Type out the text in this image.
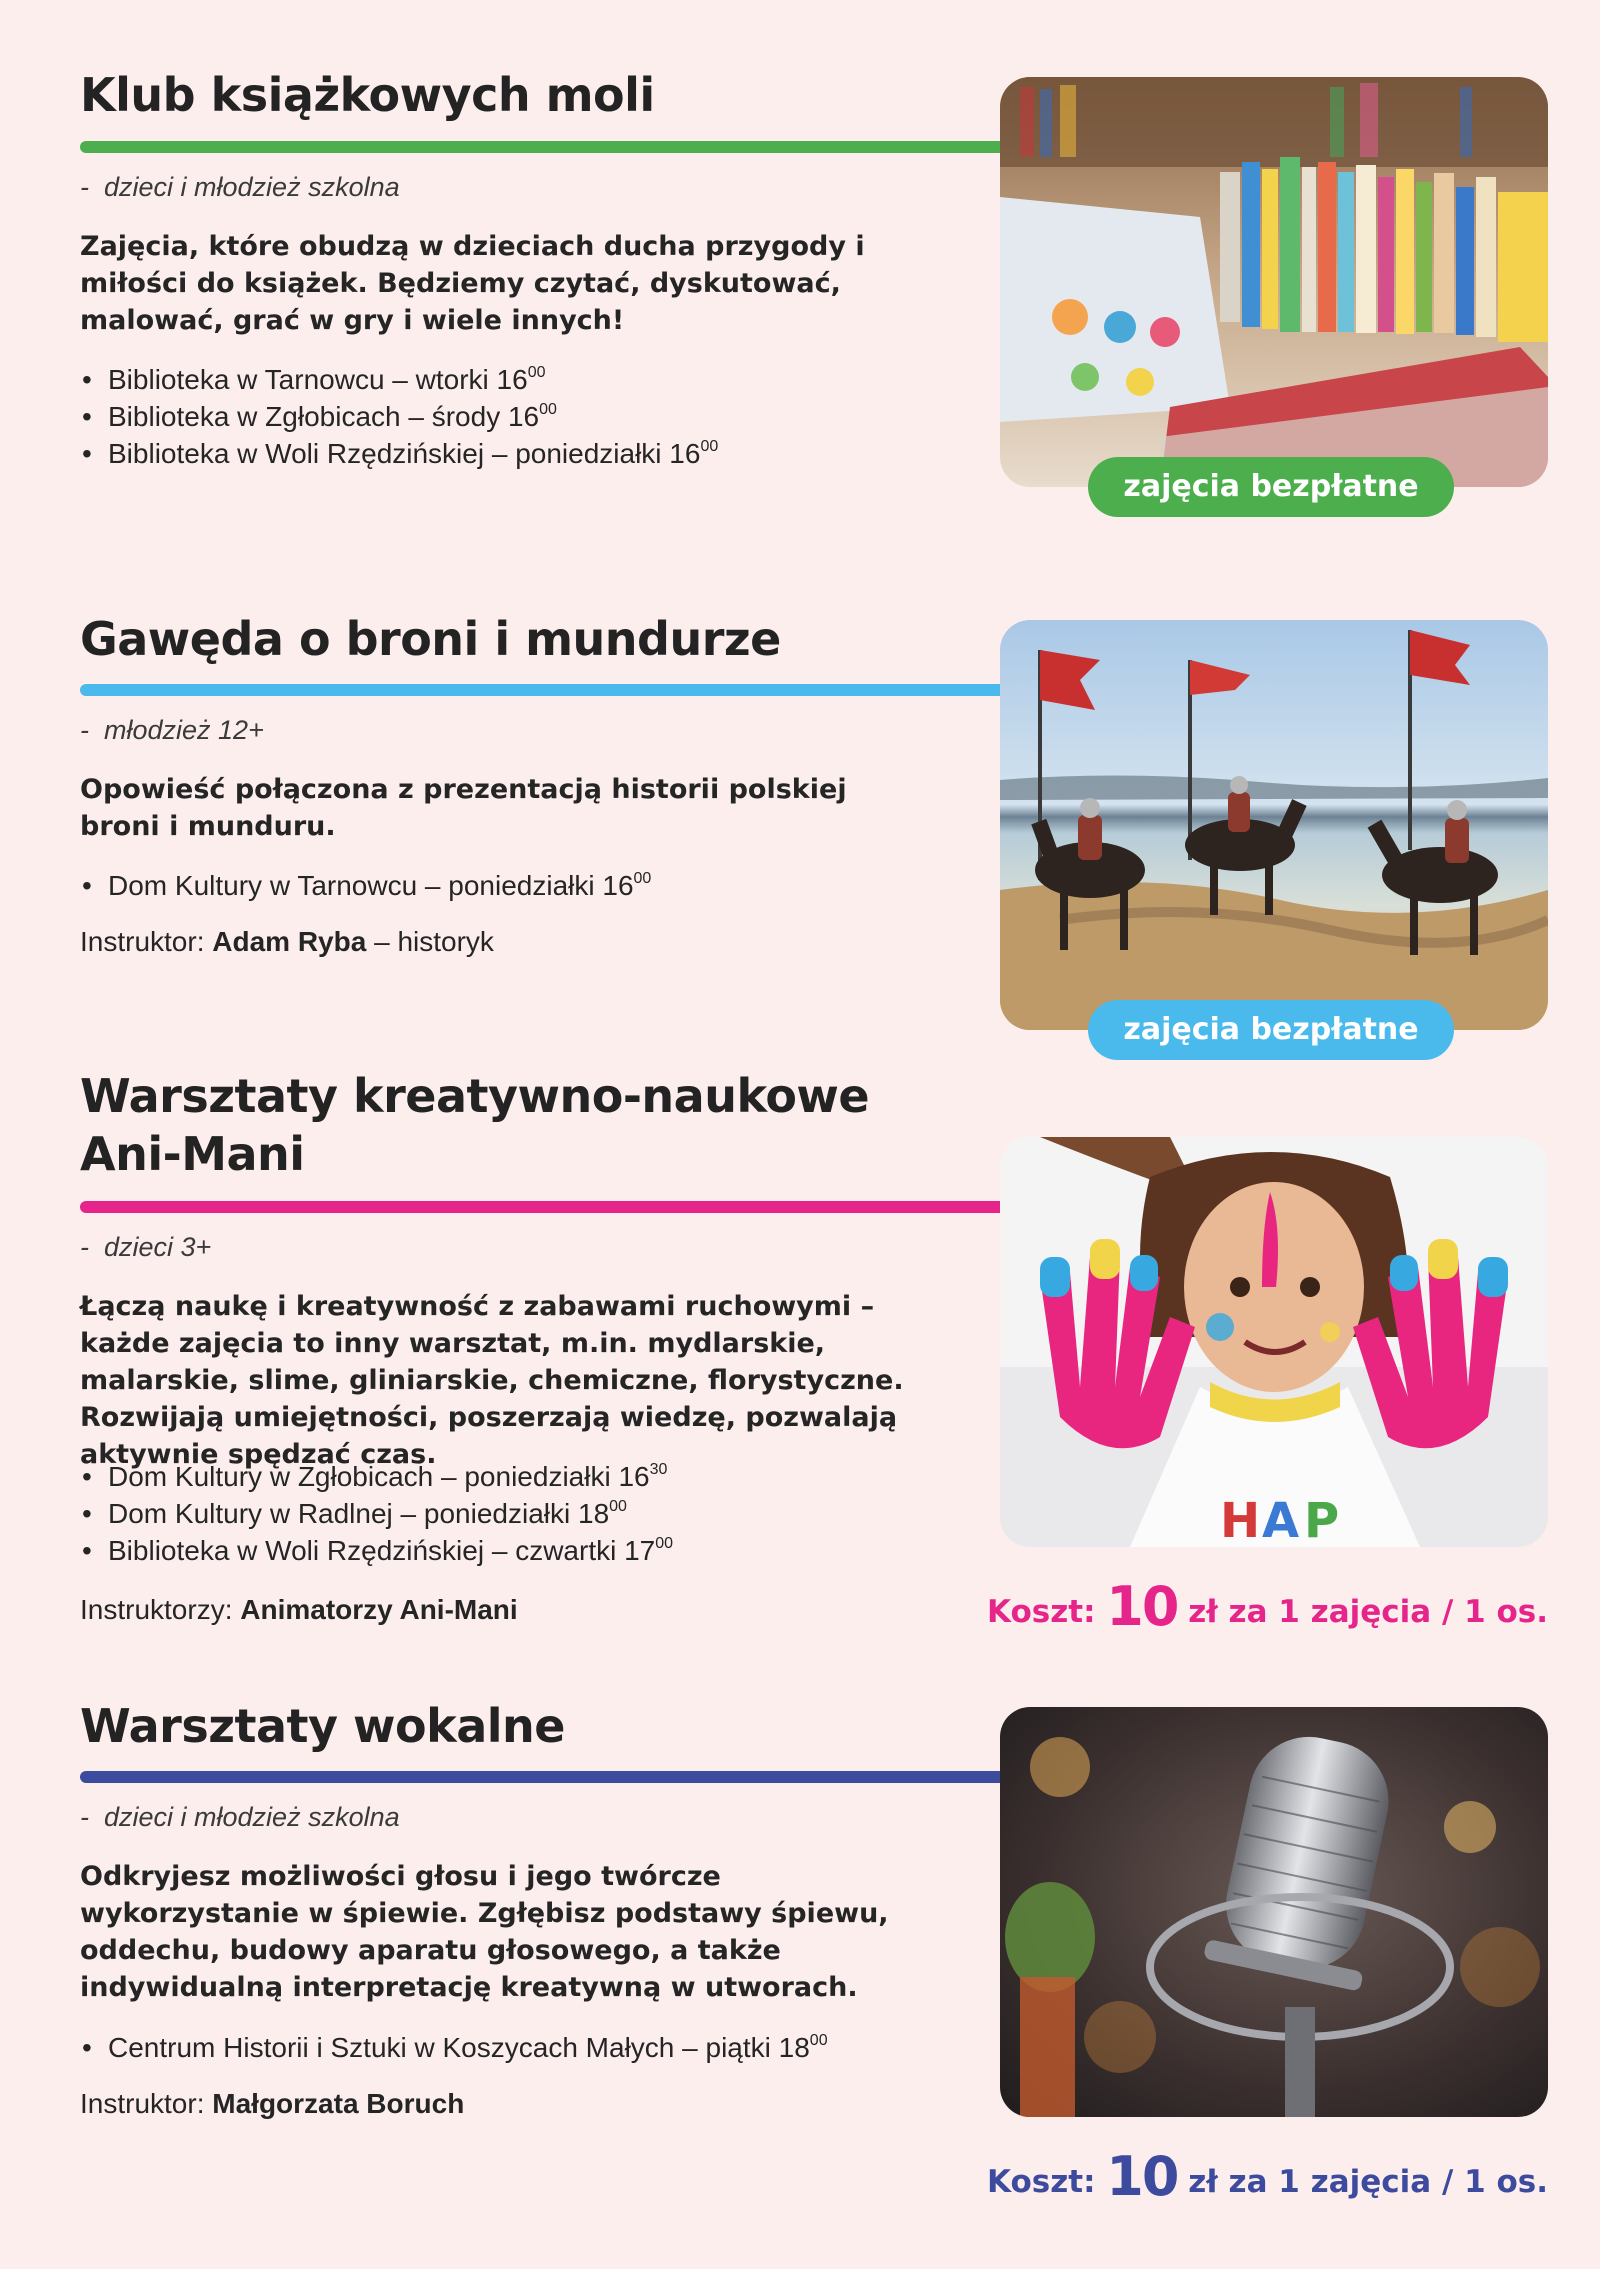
Klub książkowych moli

-  dzieci i młodzież szkolna

Zajęcia, które obudzą w dzieciach ducha przygody i miłości do książek. Będziemy czytać, dyskutować, malować, grać w gry i wiele innych!

• Biblioteka w Tarnowcu – wtorki $16^{00}$
• Biblioteka w Zgłobicach – środy $16^{00}$
• Biblioteka w Woli Rzędzińskiej – poniedziałki $16^{00}$
zajęcia bezpłatne
Gawęda o broni i mundurze

-  młodzież 12+

Opowieść połączona z prezentacją historii polskiej broni i munduru.

• Dom Kultury w Tarnowcu – poniedziałki $16^{00}$

Instruktor: Adam Ryba – historyk

zajęcia bezpłatne
Warsztaty kreatywno-naukowe
Ani-Mani

-  dzieci 3+

Łączą naukę i kreatywność z zabawami ruchowymi – każde zajęcia to inny warsztat, m.in. mydlarskie, malarskie, slime, gliniarskie, chemiczne, florystyczne. Rozwijają umiejętności, poszerzają wiedzę, pozwalają aktywnie spędzać czas.

• Dom Kultury w Zgłobicach – poniedziałki $16^{30}$
• Dom Kultury w Radlnej – poniedziałki $18^{00}$
• Biblioteka w Woli Rzędzińskiej – czwartki $17^{00}$

Instruktorzy: Animatorzy Ani-Mani

H A P

Koszt: 10 zł za 1 zajęcia / 1 os.

Warsztaty wokalne

-  dzieci i młodzież szkolna

Odkryjesz możliwości głosu i jego twórcze wykorzystanie w śpiewie. Zgłębisz podstawy śpiewu, oddechu, budowy aparatu głosowego, a także indywidualną interpretację kreatywną w utworach.

• Centrum Historii i Sztuki w Koszycach Małych – piątki $18^{00}$

Instruktor: Małgorzata Boruch

Koszt: 10 zł za 1 zajęcia / 1 os.
